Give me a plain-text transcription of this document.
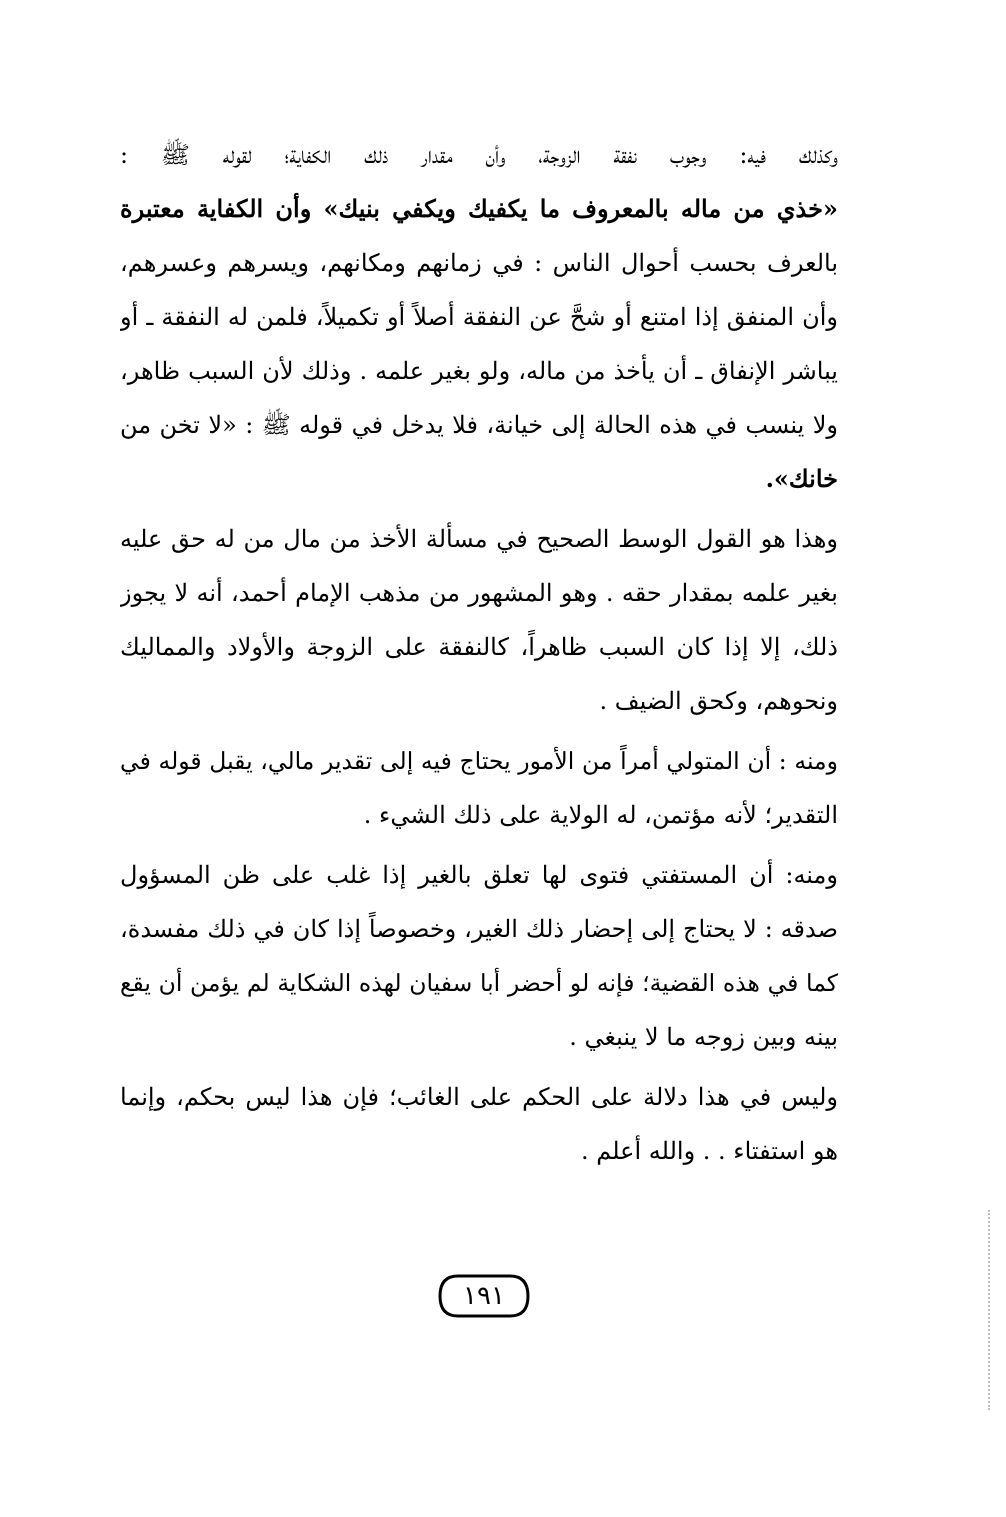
وكذلك فيه: وجوب نفقة الزوجة، وأن مقدار ذلك الكفاية؛ لقوله ﷺ :
«خذي من ماله بالمعروف ما يكفيك ويكفي بنيك» وأن الكفاية معتبرة
بالعرف بحسب أحوال الناس : في زمانهم ومكانهم، ويسرهم وعسرهم،
وأن المنفق إذا امتنع أو شحَّ عن النفقة أصلاً أو تكميلاً، فلمن له النفقة ـ أو
يباشر الإنفاق ـ أن يأخذ من ماله، ولو بغير علمه . وذلك لأن السبب ظاهر،
ولا ينسب في هذه الحالة إلى خيانة، فلا يدخل في قوله ﷺ : «لا تخن من
خانك».
وهذا هو القول الوسط الصحيح في مسألة الأخذ من مال من له حق عليه
بغير علمه بمقدار حقه . وهو المشهور من مذهب الإمام أحمد، أنه لا يجوز
ذلك، إلا إذا كان السبب ظاهراً، كالنفقة على الزوجة والأولاد والمماليك
ونحوهم، وكحق الضيف .
ومنه : أن المتولي أمراً من الأمور يحتاج فيه إلى تقدير مالي، يقبل قوله في
التقدير؛ لأنه مؤتمن، له الولاية على ذلك الشيء .
ومنه: أن المستفتي فتوى لها تعلق بالغير إذا غلب على ظن المسؤول
صدقه : لا يحتاج إلى إحضار ذلك الغير، وخصوصاً إذا كان في ذلك مفسدة،
كما في هذه القضية؛ فإنه لو أحضر أبا سفيان لهذه الشكاية لم يؤمن أن يقع
بينه وبين زوجه ما لا ينبغي .
وليس في هذا دلالة على الحكم على الغائب؛ فإن هذا ليس بحكم، وإنما
هو استفتاء . . والله أعلم .
١٩١
